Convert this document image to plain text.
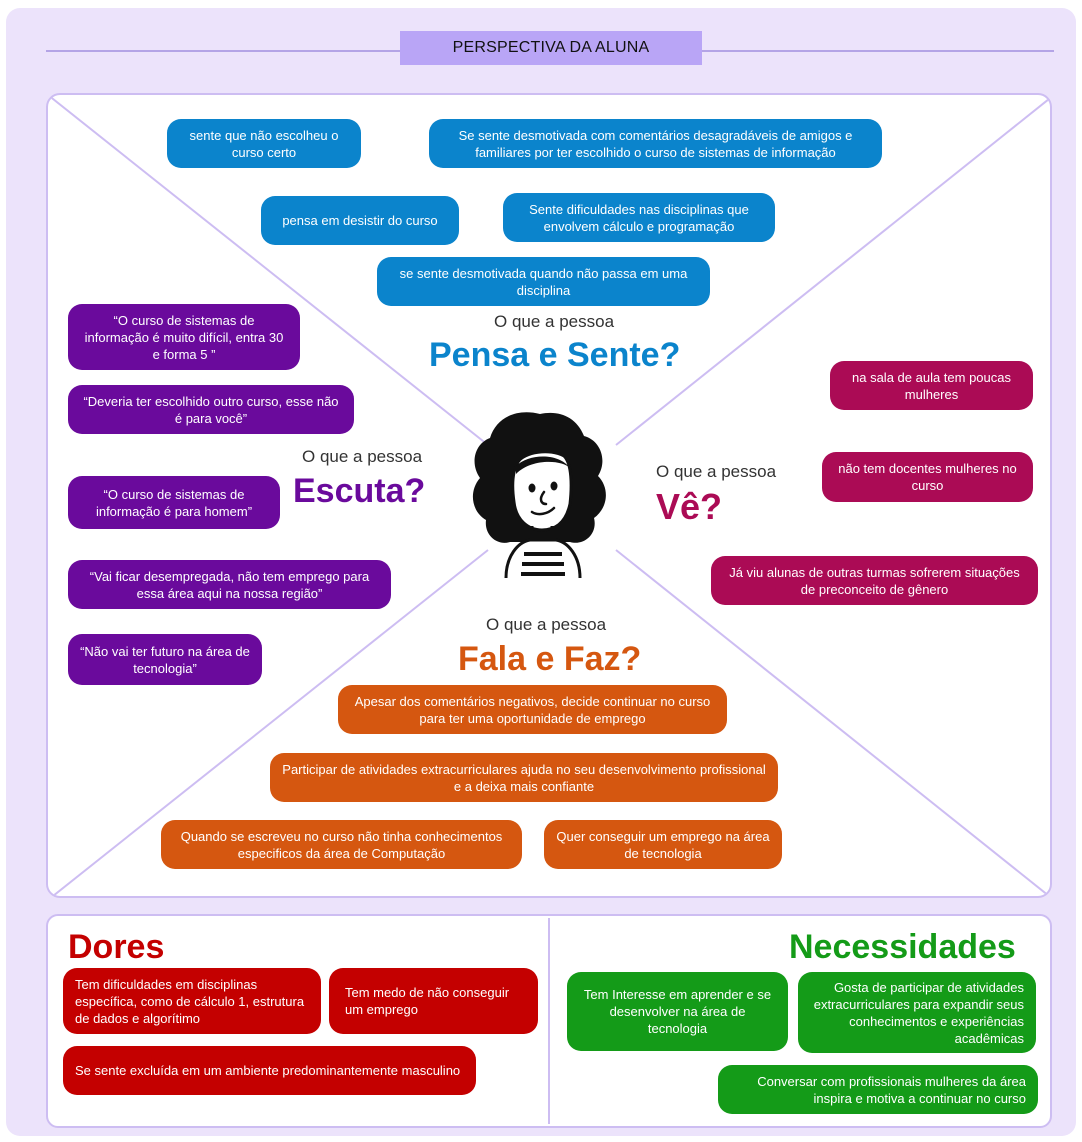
PERSPECTIVA DA ALUNA
sente que não escolheu o curso certo
Se sente desmotivada com comentários desagradáveis de amigos e familiares por ter escolhido o curso de sistemas de informação
pensa em desistir do curso
Sente dificuldades nas disciplinas que envolvem cálculo e programação
se sente desmotivada quando não passa em uma disciplina
O que a pessoa
Pensa e Sente?
“O curso de sistemas de informação é muito difícil, entra 30 e forma 5 ”
“Deveria ter escolhido outro curso, esse não é para você”
O que a pessoa
Escuta?
“O curso de sistemas de informação é para homem”
“Vai ficar desempregada, não tem emprego para essa área aqui na nossa região”
“Não vai ter futuro na área de tecnologia”
na sala de aula tem poucas mulheres
O que a pessoa
Vê?
não tem docentes mulheres no curso
Já viu alunas de outras turmas sofrerem situações de preconceito de gênero
O que a pessoa
Fala e Faz?
Apesar dos comentários negativos, decide continuar no curso para ter uma oportunidade de emprego
Participar de atividades extracurriculares ajuda no seu desenvolvimento profissional e a deixa mais confiante
Quando se escreveu no curso não tinha conhecimentos especificos da área de Computação
Quer conseguir um emprego na área de tecnologia
Dores
Tem dificuldades em disciplinas específica, como de cálculo 1, estrutura de dados e algorítimo
Tem medo de não conseguir um emprego
Se sente excluída em um ambiente predominantemente masculino
Necessidades
Tem Interesse em aprender e se desenvolver na área de tecnologia
Gosta de participar de atividades extracurriculares para expandir seus conhecimentos e experiências acadêmicas
Conversar com profissionais mulheres da área inspira e motiva a continuar no curso
